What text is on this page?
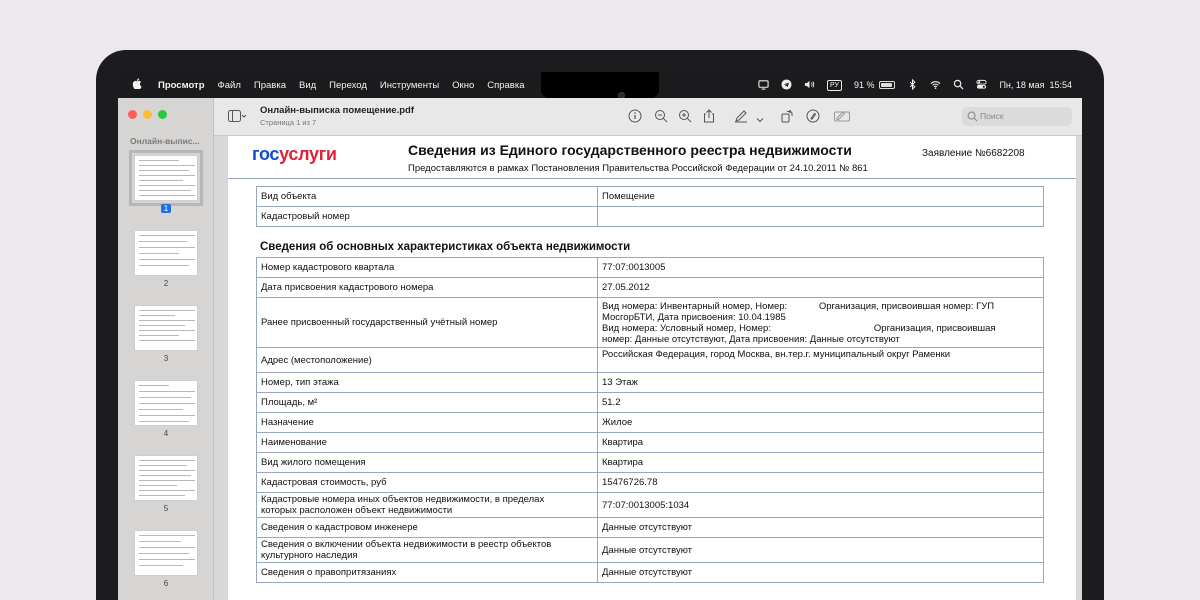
Просмотр Файл Правка Вид Переход Инструменты Окно Справка	РУ	91 %	Пн, 18 мая  15:54
Онлайн-выпис...
1
2
3
4
5
6
Онлайн-выписка помещение.pdf
Страница 1 из 7
Поиск
госуслуги	Сведения из Единого государственного реестра недвижимости
Предоставляются в рамках Постановления Правительства Российской Федерации от 24.10.2011 № 861
Заявление №6682208
Вид объекта	Помещение
Кадастровый номер	
Сведения об основных характеристиках объекта недвижимости
Номер кадастрового квартала	77:07:0013005
Дата присвоения кадастрового номера	27.05.2012
Ранее присвоенный государственный учётный номер	Вид номера: Инвентарный номер, Номер:            Организация, присвоившая номер: ГУП
МосгорБТИ, Дата присвоения: 10.04.1985
Вид номера: Условный номер, Номер:                                       Организация, присвоившая
номер: Данные отсутствуют, Дата присвоения: Данные отсутствуют

Адрес (местоположение)	Российская Федерация, город Москва, вн.тер.г. муниципальный округ Раменки
Номер, тип этажа	13 Этаж
Площадь, м²	51.2
Назначение	Жилое
Наименование	Квартира
Вид жилого помещения	Квартира
Кадастровая стоимость, руб	15476726.78

Кадастровые номера иных объектов недвижимости, в пределах
которых расположен объект недвижимости	77:07:0013005:1034
Сведения о кадастровом инженере	Данные отсутствуют

Сведения о включении объекта недвижимости в реестр объектов
культурного наследия	Данные отсутствуют
Сведения о правопритязаниях	Данные отсутствуют
